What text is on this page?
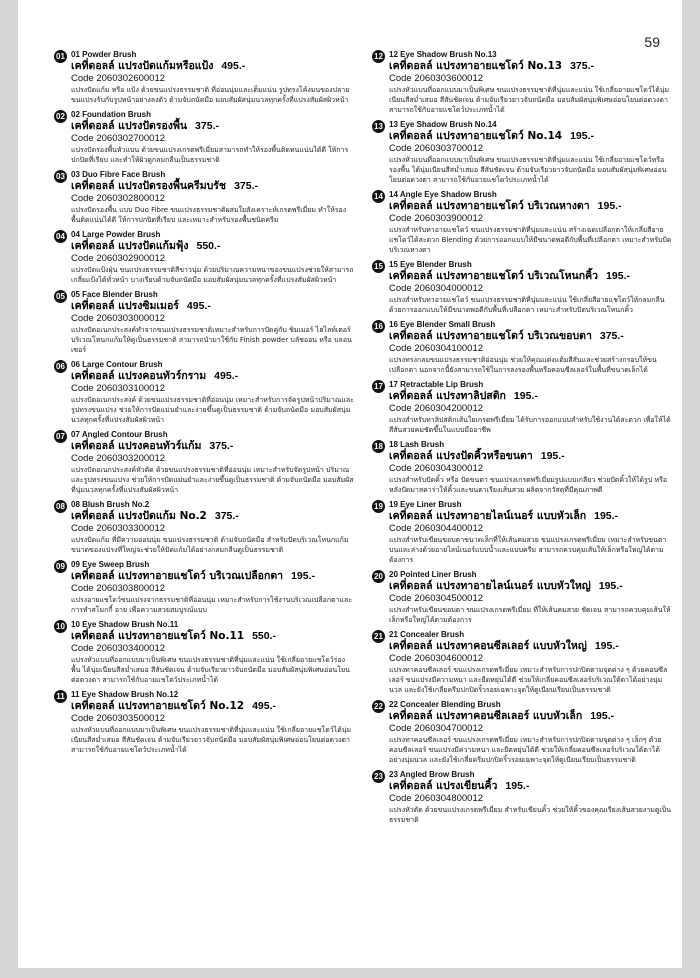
59
01 01 Powder Brush
เคที่ดอลล์ แปรงปัดแก้มหรือแป้ง 495.-
Code 2060302600012
แปรงปัดแก้ม หรือ แป้ง ด้วยขนแปรงธรรมชาติ ที่อ่อนนุ่มและเต็มแน่น รูปทรงโค้งมนของปลายขนแปรงรับกับรูปหน้าอย่างลงตัว ด้ามจับถนัดมือ มอบสัมผัสนุ่มนวลทุกครั้งที่แปรงสัมผัสผิวหน้า
02 02 Foundation Brush
เคที่ดอลล์ แปรงปัดรองพื้น 375.-
Code 2060302700012
แปรงปัดรองพื้นหัวแบน ด้วยขนแปรงเกรดพรีเมี่ยมสามารถทำให้รองพื้นติดทนแน่นได้ดี ให้การปกปิดที่เรียบ และทำให้ผิวดูกลมกลืนเป็นธรรมชาติ
03 03 Duo Fibre Face Brush
เคที่ดอลล์ แปรงปัดรองพื้นครีมบรัช 375.-
Code 2060302800012
แปรงปัดรองพื้น แบบ Duo Fibre ขนแปรงธรรมชาติผสมใยสังเคราะห์เกรดพรีเมี่ยม ทำให้รองพื้นติดแน่นได้ดี ให้การปกปิดที่เรียบ และเหมาะสำหรับรองพื้นชนิดครีม
04 04 Large Powder Brush
เคที่ดอลล์ แปรงปัดแก้มฟุ้ง 550.-
Code 2060302900012
แปรงปัดแป้งฝุ่น ขนแปรงธรรมชาติสีขาวนุ่ม ด้วยปริมาณความหนาของขนแปรงช่วยให้สามารถเกลี่ยแป้งได้ทั่วหน้า บางเรียบด้ามจับถนัดมือ มอบสัมผัสนุ่มนวลทุกครั้งที่แปรงสัมผัสผิวหน้า
05 05 Face Blender Brush
เคที่ดอลล์ แปรงซิมเมอร์ 495.-
Code 2060303000012
แปรงปัดอเนกประสงค์ทำจากขนแปรงธรรมชาติเหมาะสำหรับการปัดคู่กับ ชิมเมอร์ ไฮไลท์เตอร์ บริเวณโหนกแก้มให้ดูเป็นธรรมชาติ สามารถนำมาใช้กับ Finish powder บลัชออน หรือ บลอนเซอร์
06 06 Large Contour Brush
เคที่ดอลล์ แปรงคอนทัวร์กราม 495.-
Code 2060303100012
แปรงปัดอเนกประสงค์ ด้วยขนแปรงธรรมชาติที่อ่อนนุ่ม เหมาะสำหรับการจัดรูปหน้าปริมาณและรูปทรงขนแปรง ช่วยให้การปัดแม่นยำและง่ายขึ้นดูเป็นธรรมชาติ ด้ามจับถนัดมือ มอบสัมผัสนุ่มนวลทุกครั้งที่แปรงสัมผัสผิวหน้า
07 07 Angled Contour Brush
เคที่ดอลล์ แปรงคอนทัวร์แก้ม 375.-
Code 2060303200012
แปรงปัดอเนกประสงค์หัวตัด ด้วยขนแปรงธรรมชาติที่อ่อนนุ่ม เหมาะสำหรับจัดรูปหน้า ปริมาณและรูปทรงขนแปรง ช่วยให้การปัดแม่นยำและง่ายขึ้นดูเป็นธรรมชาติ ด้ามจับถนัดมือ มอบสัมผัสที่นุ่มนวลทุกครั้งที่แปรงสัมผัสผิวหน้า
08 08 Blush Brush No.2
เคที่ดอลล์ แปรงปัดแก้ม No.2 375.-
Code 2060303300012
แปรงปัดแก้ม ที่มีความอ่อนนุ่ม ขนแปรงธรรมชาติ ด้ามจับถนัดมือ สำหรับปัดบริเวณโหนกแก้ม ขนาดของแปรงที่ใหญ่จะช่วยให้ปัดแก้มได้อย่างกลมกลืนดูเป็นธรรมชาติ
09 09 Eye Sweep Brush
เคที่ดอลล์ แปรงทาอายแชโดว์ บริเวณเปลือกตา 195.-
Code 2060303800012
แปรงอายแชโดว์ขนแปรงจากธรรมชาติที่อ่อนนุ่ม เหมาะสำหรับการใช้งานบริเวณเปลือกตาและการทำสโมกกี้ อาย เพื่อความสวยสมบูรณ์แบบ
10 10 Eye Shadow Brush No.11
เคที่ดอลล์ แปรงทาอายแชโดว์ No.11 550.-
Code 2060303400012
แปรงหัวแบนที่ออกแบบมาเป็นพิเศษ ขนแปรงธรรมชาติที่นุ่มและแน่น ใช้เกลี่ยอายแชโดว์ร่องพื้น ได้นุ่มเนียนสีสม่ำเสมอ สีสันชัดเจน ด้ามจับเรียวยาวจับถนัดมือ มอบสัมผัสนุ่มพิเศษอ่อนโยนต่อดวงตา สามารถใช้กับอายแชโดว์ประเภทน้ำได้
11 11 Eye Shadow Brush No.12
เคที่ดอลล์ แปรงทาอายแชโดว์ No.12 495.-
Code 2060303500012
แปรงหัวแบนที่ออกแบบมาเป็นพิเศษ ขนแปรงธรรมชาติที่นุ่มและแน่น ใช้เกลี่ยอายแชโดว์ได้นุ่มเนียนสีสม่ำเสมอ สีสันชัดเจน ด้ามจับเรียวยาวจับถนัดมือ มอบสัมผัสนุ่มพิเศษอ่อนโยนต่อดวงตา สามารถใช้กับอายแชโดว์ประเภทน้ำได้
12 12 Eye Shadow Brush No.13
เคที่ดอลล์ แปรงทาอายแชโดว์ No.13 375.-
Code 2060303600012
แปรงหัวแบนที่ออกแบบมาเป็นพิเศษ ขนแปรงธรรมชาติที่นุ่มและแน่น ใช้เกลี่ยอายแชโดว์ได้นุ่มเนียนสีสม่ำเสมอ สีสันชัดเจน ด้ามจับเรียวยาวจับถนัดมือ มอบสัมผัสนุ่มพิเศษอ่อนโยนต่อดวงตา สามารถใช้กับอายแชโดว์ประเภทน้ำได้
13 13 Eye Shadow Brush No.14
เคที่ดอลล์ แปรงทาอายแชโดว์ No.14 195.-
Code 2060303700012
แปรงหัวแบนที่ออกแบบมาเป็นพิเศษ ขนแปรงธรรมชาติที่นุ่มและแน่น ใช้เกลี่ยอายแชโดว์หรือรองพื้น ได้นุ่มเนียนสีสม่ำเสมอ สีสันชัดเจน ด้ามจับเรียวยาวจับถนัดมือ มอบสัมผัสนุ่มพิเศษอ่อนโยนต่อดวงตา สามารถใช้กับอายแชโดว์ประเภทน้ำได้
14 14 Angle Eye Shadow Brush
เคที่ดอลล์ แปรงทาอายแชโดว์ บริเวณหางตา 195.-
Code 2060303900012
แปรงสำหรับทาอายแชโดว์ ขนแปรงธรรมชาติที่นุ่มและแน่น สร้างเฉดเปลือกตาให้เกลี่ยสีอายแชโดว์ได้สะดวก Blending ด้วยการออกแบบให้มีขนาดพอดีกับพื้นที่เปลือกตา เหมาะสำหรับปัดบริเวณหางตา
15 15 Eye Blender Brush
เคที่ดอลล์ แปรงทาอายแชโดว์ บริเวณโหนกคิ้ว 195.-
Code 2060304000012
แปรงสำหรับทาอายแชโดว์ ขนแปรงธรรมชาติที่นุ่มและแน่น ใช้เกลี่ยสีอายแชโดว์ให้กลมกลืน ด้วยการออกแบบให้มีขนาดพอดีกับพื้นที่เปลือกตา เหมาะสำหรับปัดบริเวณโหนกคิ้ว
16 16 Eye Blender Small Brush
เคที่ดอลล์ แปรงทาอายแชโดว์ บริเวณขอบตา 375.-
Code 2060304100012
แปรงทรงกลมขนแปรงธรรมชาติอ่อนนุ่ม ช่วยให้คุณแต่งแต้มสีสันและช่วยสร้างกรอบให้ขนเปลือกตา นอกจากนี้ยังสามารถใช้ในการลงรองพื้นหรือคอนซีลเลอร์ในพื้นที่ขนาดเล็กได้
17 17 Retractable Lip Brush
เคที่ดอลล์ แปรงทาลิปสติก 195.-
Code 2060304200012
แปรงสำหรับทาลิปสติกเส้นใยเกรดพรีเมี่ยม ได้รับการออกแบบสำหรับใช้งานได้สะดวก เพื่อให้ได้สีสันสวยคมชัดขึ้นในแบบมืออาชีพ
18 18 Lash Brush
เคที่ดอลล์ แปรงปัดคิ้วหรือขนตา 195.-
Code 2060304300012
แปรงสำหรับปัดคิ้ว หรือ ปัดขนตา ขนแปรงเกรดพรีเมี่ยมรูปแบบเกลียว ช่วยปัดคิ้วให้ได้รูป หรือหลังปัดมาสคาร่าให้คิ้วและขนตาเรียงเส้นสวย ผลิตจากวัสดุที่มีคุณภาพดี
19 19 Eye Liner Brush
เคที่ดอลล์ แปรงทาอายไลน์เนอร์ แบบหัวเล็ก 195.-
Code 2060304400012
แปรงสำหรับเขียนขอบตาขนาดเล็กที่ให้เส้นคมสวย ขนแปรงเกรดพรีเมี่ยม เหมาะสำหรับขนตาบนและล่างด้วยอายไลน์เนอร์แบบน้ำและแบบครีม สามารถควบคุมเส้นให้เล็กหรือใหญ่ได้ตามต้องการ
20 20 Pointed Liner Brush
เคที่ดอลล์ แปรงทาอายไลน์เนอร์ แบบหัวใหญ่ 195.-
Code 2060304500012
แปรงสำหรับเขียนขอบตา ขนแปรงเกรดพรีเมี่ยม ที่ให้เส้นคมสวย ชัดเจน สามารถควบคุมเส้นให้เล็กหรือใหญ่ได้ตามต้องการ
21 21 Concealer Brush
เคที่ดอลล์ แปรงทาคอนซีลเลอร์ แบบหัวใหญ่ 195.-
Code 2060304600012
แปรงทาคอนซีลเลอร์ ขนแปรงเกรดพรีเมี่ยม เหมาะสำหรับการปกปิดตามจุดต่าง ๆ ด้วยคอนซีลเลอร์ ขนแปรงมีความหนา และยืดหยุ่นได้ดี ช่วยให้เกลี่ยคอนซีลเลอร์บริเวณใต้ตาได้อย่างนุ่มนวล และยังใช้เกลี่ยครีมปกปิดริ้วรอยเฉพาะจุดให้ดูเนียนเรียบเป็นธรรมชาติ
22 22 Concealer Blending Brush
เคที่ดอลล์ แปรงทาคอนซีลเลอร์ แบบหัวเล็ก 195.-
Code 2060304700012
แปรงทาคอนซีลเลอร์ ขนแปรงเกรดพรีเมี่ยม เหมาะสำหรับการปกปิดตามจุดต่าง ๆ เล็กๆ ด้วยคอนซีลเลอร์ ขนแปรงมีความหนา และยืดหยุ่นได้ดี ช่วยให้เกลี่ยคอนซีลเลอร์บริเวณใต้ตาได้อย่างนุ่มนวล และยังใช้เกลี่ยครีมปกปิดริ้วรอยเฉพาะจุดให้ดูเนียนเรียบเป็นธรรมชาติ
23 23 Angled Brow Brush
เคที่ดอลล์ แปรงเขียนคิ้ว 195.-
Code 2060304800012
แปรงหัวตัด ด้วยขนแปรงเกรดพรีเมี่ยม สำหรับเขียนคิ้ว ช่วยให้คิ้วของคุณเรียงเส้นสวยงามดูเป็นธรรมชาติ
